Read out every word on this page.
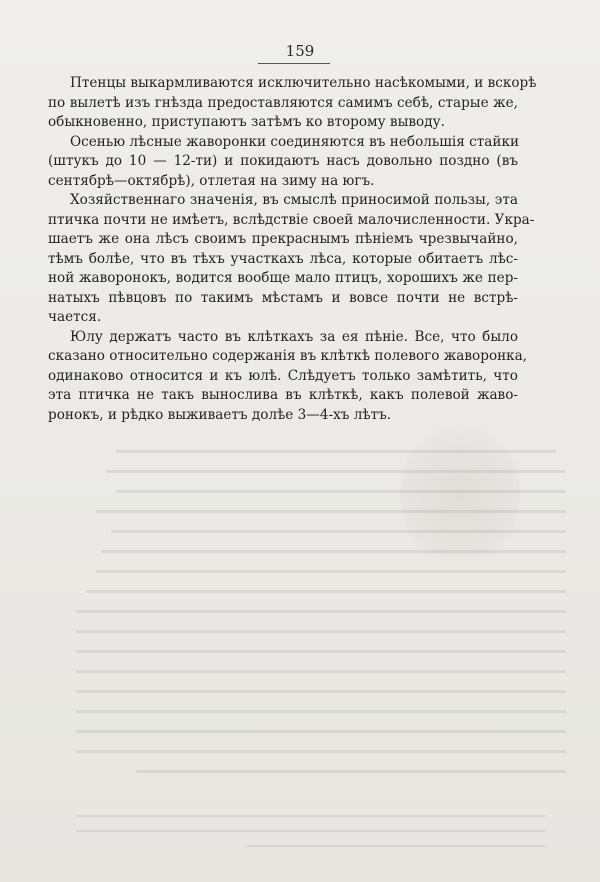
159

Птенцы выкармливаются исключительно насѣкомыми, и вскорѣ
по вылетѣ изъ гнѣзда предоставляются самимъ себѣ, старые же,
обыкновенно, приступаютъ затѣмъ ко второму выводу.

Осенью лѣсные жаворонки соединяются въ небольшія стайки
(штукъ до 10 — 12-ти) и покидаютъ насъ довольно поздно (въ
сентябрѣ—октябрѣ), отлетая на зиму на югъ.

Хозяйственнаго значенія, въ смыслѣ приносимой пользы, эта
птичка почти не имѣетъ, вслѣдствіе своей малочисленности. Укра-
шаетъ же она лѣсъ своимъ прекраснымъ пѣніемъ чрезвычайно,
тѣмъ болѣе, что въ тѣхъ участкахъ лѣса, которые обитаетъ лѣс-
ной жаворонокъ, водится вообще мало птицъ, хорошихъ же пер-
натыхъ пѣвцовъ по такимъ мѣстамъ и вовсе почти не встрѣ-
чается.

Юлу держатъ часто въ клѣткахъ за ея пѣніе. Все, что было
сказано относительно содержанія въ клѣткѣ полевого жаворонка,
одинаково относится и къ юлѣ. Слѣдуетъ только замѣтить, что
эта птичка не такъ вынослива въ клѣткѣ, какъ полевой жаво-
ронокъ, и рѣдко выживаетъ долѣе 3—4-хъ лѣтъ.
